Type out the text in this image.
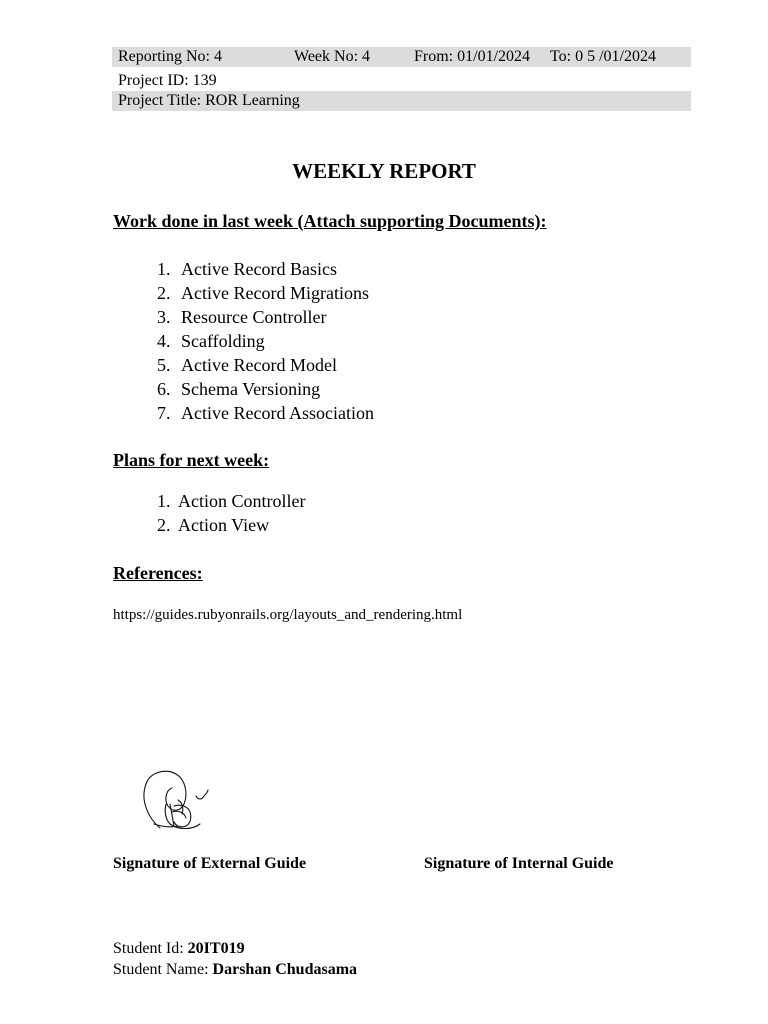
Reporting No: 4	Week No: 4	From: 01/01/2024 To: 0 5 /01/2024
Project ID: 139
Project Title: ROR Learning
WEEKLY REPORT
Work done in last week (Attach supporting Documents):
1. Active Record Basics
2. Active Record Migrations
3. Resource Controller
4. Scaffolding
5. Active Record Model
6. Schema Versioning
7. Active Record Association
Plans for next week:
1. Action Controller
2. Action View
References:
https://guides.rubyonrails.org/layouts_and_rendering.html
Signature of External Guide	Signature of Internal Guide
Student Id: 20IT019
Student Name: Darshan Chudasama
